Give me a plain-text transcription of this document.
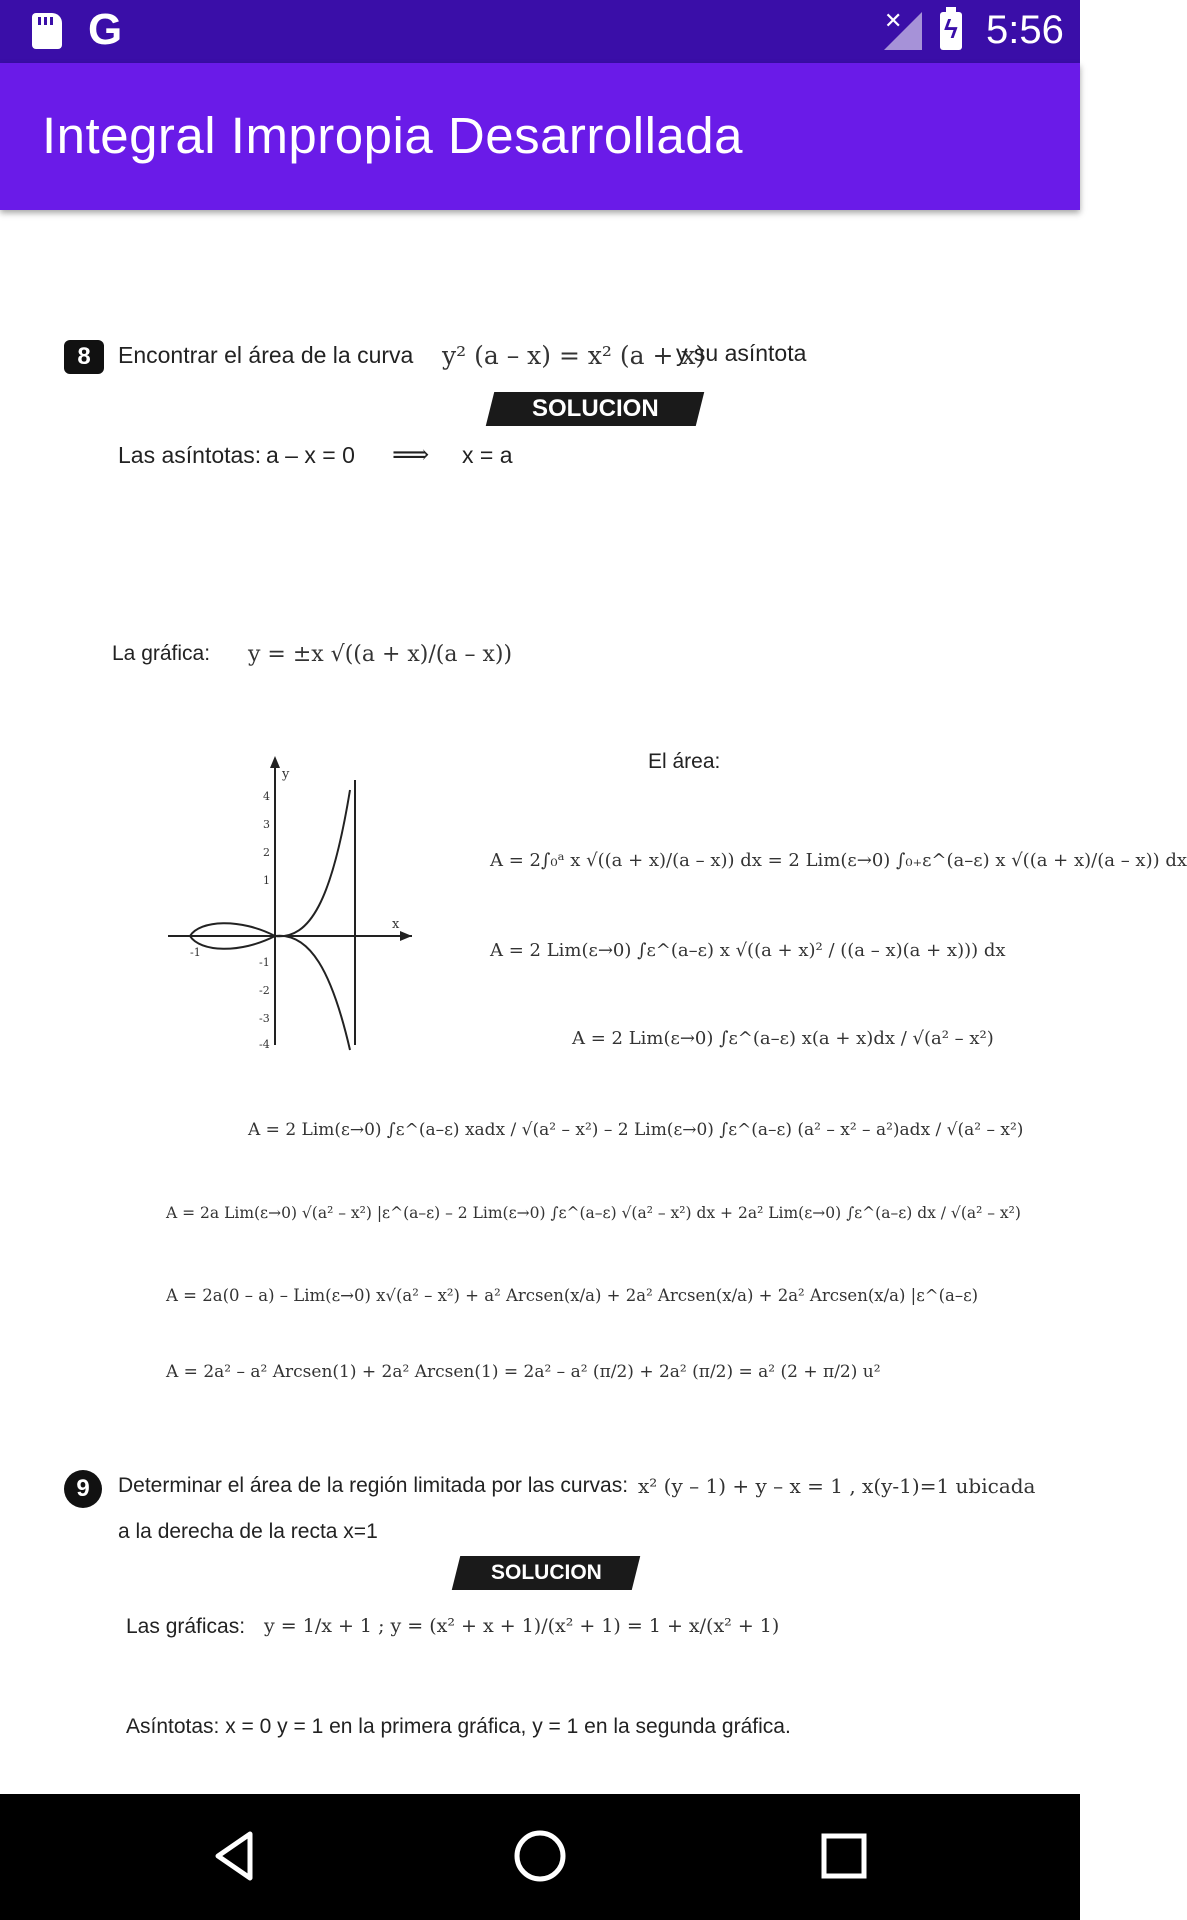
G	✕ ϟ 5:56
Integral Impropia Desarrollada
8	Encontrar el área de la curva y² (a – x) = x² (a + x)
y su asíntota
SOLUCION
Las asíntotas: a – x = 0 ⟹ x = a
La gráfica: y = ±x √((a + x)/(a – x))
y
x
-1
4
3
2
1
-1
-2
-3
-4
El área:
A = 2∫₀ᵃ x √((a + x)/(a – x)) dx = 2 Lim(ε→0) ∫₀₊ε^(a–ε) x √((a + x)/(a – x)) dx
A = 2 Lim(ε→0) ∫ε^(a–ε) x √((a + x)² / ((a – x)(a + x))) dx
A = 2 Lim(ε→0) ∫ε^(a–ε) x(a + x)dx / √(a² – x²)
A = 2 Lim(ε→0) ∫ε^(a–ε) xadx / √(a² – x²) – 2 Lim(ε→0) ∫ε^(a–ε) (a² – x² – a²)adx / √(a² – x²)
A = 2a Lim(ε→0) √(a² – x²) |ε^(a–ε) – 2 Lim(ε→0) ∫ε^(a–ε) √(a² – x²) dx + 2a² Lim(ε→0) ∫ε^(a–ε) dx / √(a² – x²)
A = 2a(0 – a) – Lim(ε→0) x√(a² – x²) + a² Arcsen(x/a) + 2a² Arcsen(x/a) + 2a² Arcsen(x/a) |ε^(a–ε)
A = 2a² – a² Arcsen(1) + 2a² Arcsen(1) = 2a² – a² (π/2) + 2a² (π/2) = a² (2 + π/2) u²
9	Determinar el área de la región limitada por las curvas: x² (y – 1) + y – x = 1 , x(y-1)=1 ubicada
a la derecha de la recta x=1
SOLUCION
Las gráficas: y = 1/x + 1 ; y = (x² + x + 1)/(x² + 1) = 1 + x/(x² + 1)
Asíntotas: x = 0 y = 1 en la primera gráfica, y = 1 en la segunda gráfica.
